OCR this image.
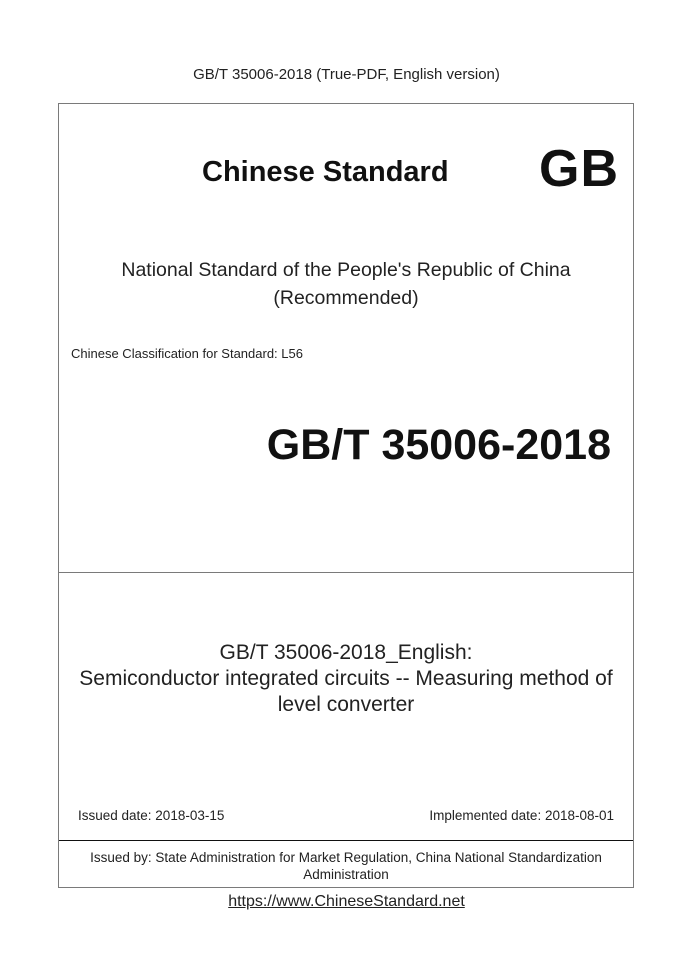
GB/T 35006-2018 (True-PDF, English version)
Chinese Standard GB
National Standard of the People's Republic of China
(Recommended)
Chinese Classification for Standard: L56
GB/T 35006-2018
GB/T 35006-2018_English:
Semiconductor integrated circuits -- Measuring method of
level converter
Issued date: 2018-03-15	Implemented date: 2018-08-01
Issued by: State Administration for Market Regulation, China National Standardization
Administration
https://www.ChineseStandard.net
